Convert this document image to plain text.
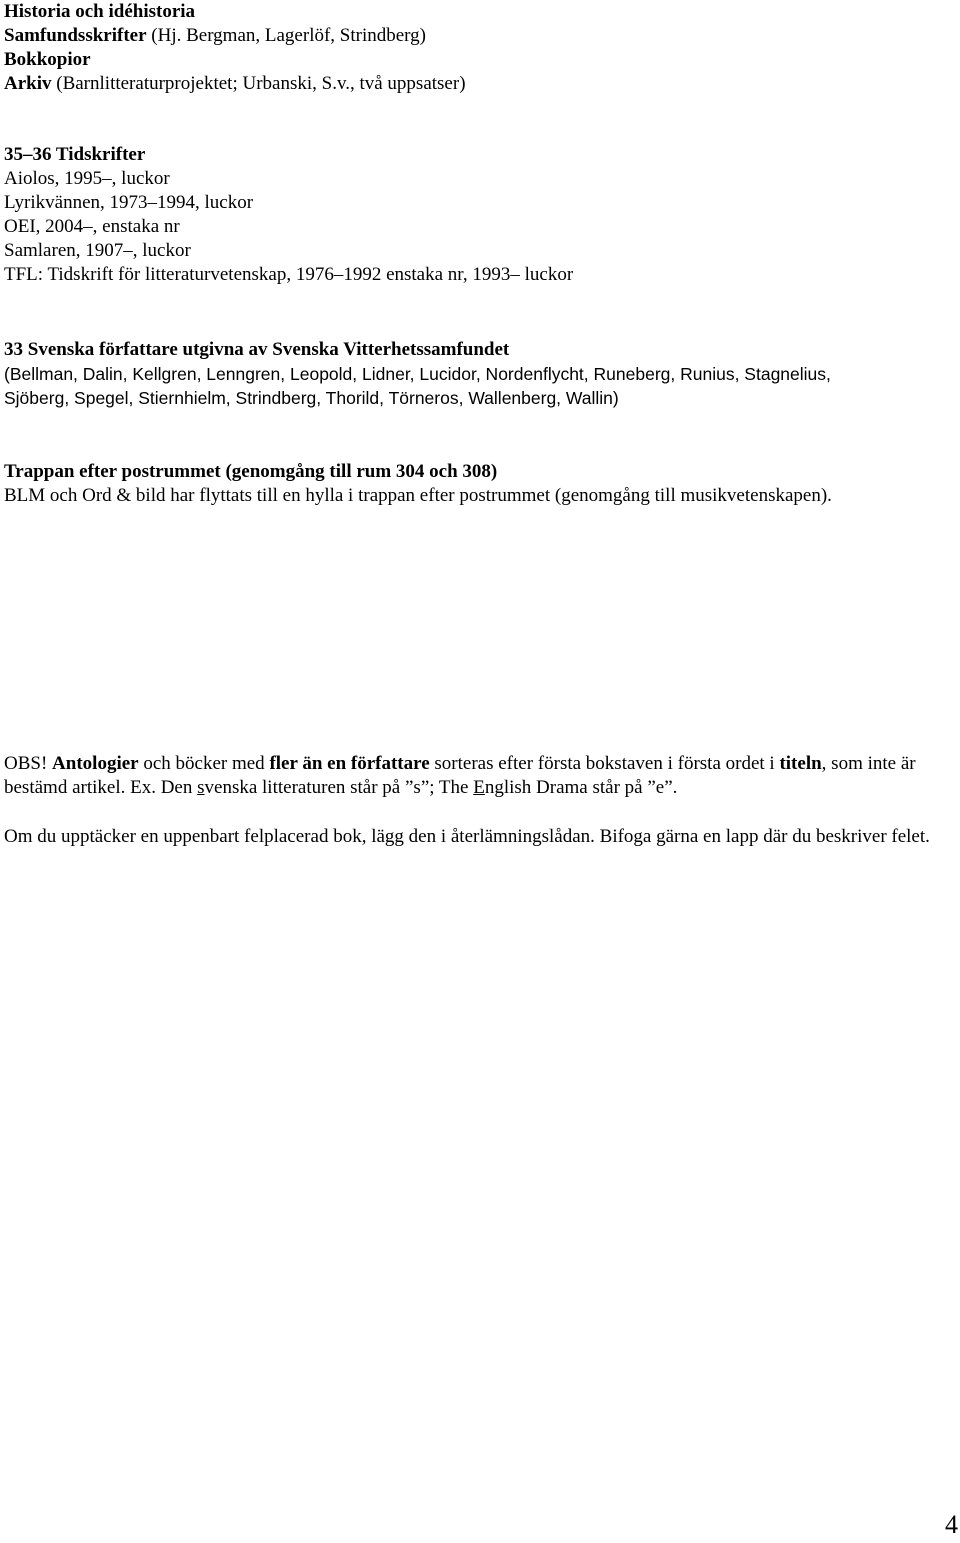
Historia och idéhistoria
Samfundsskrifter (Hj. Bergman, Lagerlöf, Strindberg)
Bokkopior
Arkiv (Barnlitteraturprojektet; Urbanski, S.v., två uppsatser)
35–36 Tidskrifter
Aiolos, 1995–, luckor
Lyrikvännen, 1973–1994, luckor
OEI, 2004–, enstaka nr
Samlaren, 1907–, luckor
TFL: Tidskrift för litteraturvetenskap, 1976–1992 enstaka nr, 1993– luckor
33 Svenska författare utgivna av Svenska Vitterhetssamfundet
(Bellman, Dalin, Kellgren, Lenngren, Leopold, Lidner, Lucidor, Nordenflycht, Runeberg, Runius, Stagnelius,
Sjöberg, Spegel, Stiernhielm, Strindberg, Thorild, Törneros, Wallenberg, Wallin)
Trappan efter postrummet (genomgång till rum 304 och 308)
BLM och Ord & bild har flyttats till en hylla i trappan efter postrummet (genomgång till musikvetenskapen).

OBS! Antologier och böcker med fler än en författare sorteras efter första bokstaven i första ordet i titeln, som inte är bestämd artikel. Ex. Den svenska litteraturen står på ”s”; The English Drama står på ”e”.

Om du upptäcker en uppenbart felplacerad bok, lägg den i återlämningslådan. Bifoga gärna en lapp där du beskriver felet.

4
